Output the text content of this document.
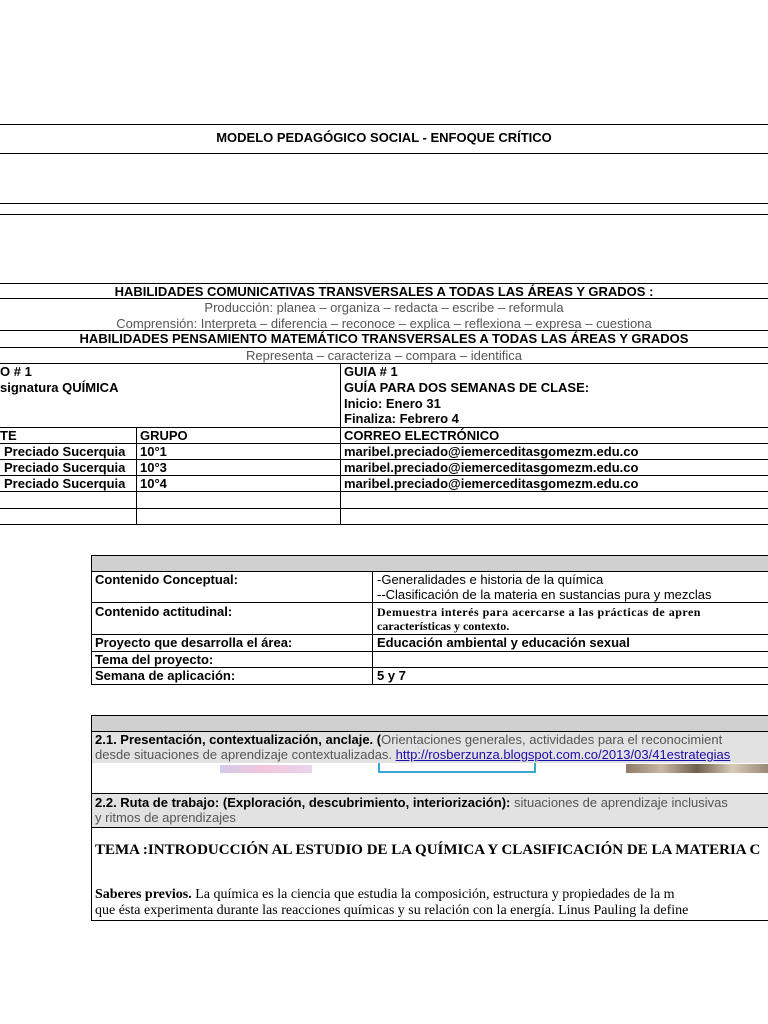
MODELO PEDAGÓGICO SOCIAL - ENFOQUE CRÍTICO
HABILIDADES COMUNICATIVAS TRANSVERSALES A TODAS LAS ÁREAS Y GRADOS :
Producción: planea – organiza – redacta – escribe – reformula
Comprensión: Interpreta – diferencia – reconoce – explica – reflexiona – expresa – cuestiona
HABILIDADES PENSAMIENTO MATEMÁTICO TRANSVERSALES A TODAS LAS ÁREAS Y GRADOS
Representa – caracteriza – compara – identifica
O # 1
signatura QUÍMICA
GUIA # 1
GUÍA PARA DOS SEMANAS DE CLASE:
Inicio: Enero 31
Finaliza: Febrero 4
TE	GRUPO	CORREO ELECTRÓNICO
Preciado Sucerquia	10°1	maribel.preciado@iemerceditasgomezm.edu.co
Preciado Sucerquia	10°3	maribel.preciado@iemerceditasgomezm.edu.co
Preciado Sucerquia	10°4	maribel.preciado@iemerceditasgomezm.edu.co
Contenido Conceptual:	-Generalidades e historia de la química
--Clasificación de la materia en sustancias pura y mezclas
Contenido actitudinal:	Demuestra interés para acercarse a las prácticas de apren
características y contexto.
Proyecto que desarrolla el área:	Educación ambiental y educación sexual
Tema del proyecto:
Semana de aplicación:	5 y 7
2.1. Presentación, contextualización, anclaje. (Orientaciones generales, actividades para el reconocimient
desde situaciones de aprendizaje contextualizadas. http://rosberzunza.blogspot.com.co/2013/03/41estrategias
2.2. Ruta de trabajo: (Exploración, descubrimiento, interiorización): situaciones de aprendizaje inclusivas
y ritmos de aprendizajes
TEMA :INTRODUCCIÓN AL ESTUDIO DE LA QUÍMICA Y CLASIFICACIÓN DE LA MATERIA C
Saberes previos. La química es la ciencia que estudia la composición, estructura y propiedades de la m
que ésta experimenta durante las reacciones químicas y su relación con la energía. Linus Pauling la define
